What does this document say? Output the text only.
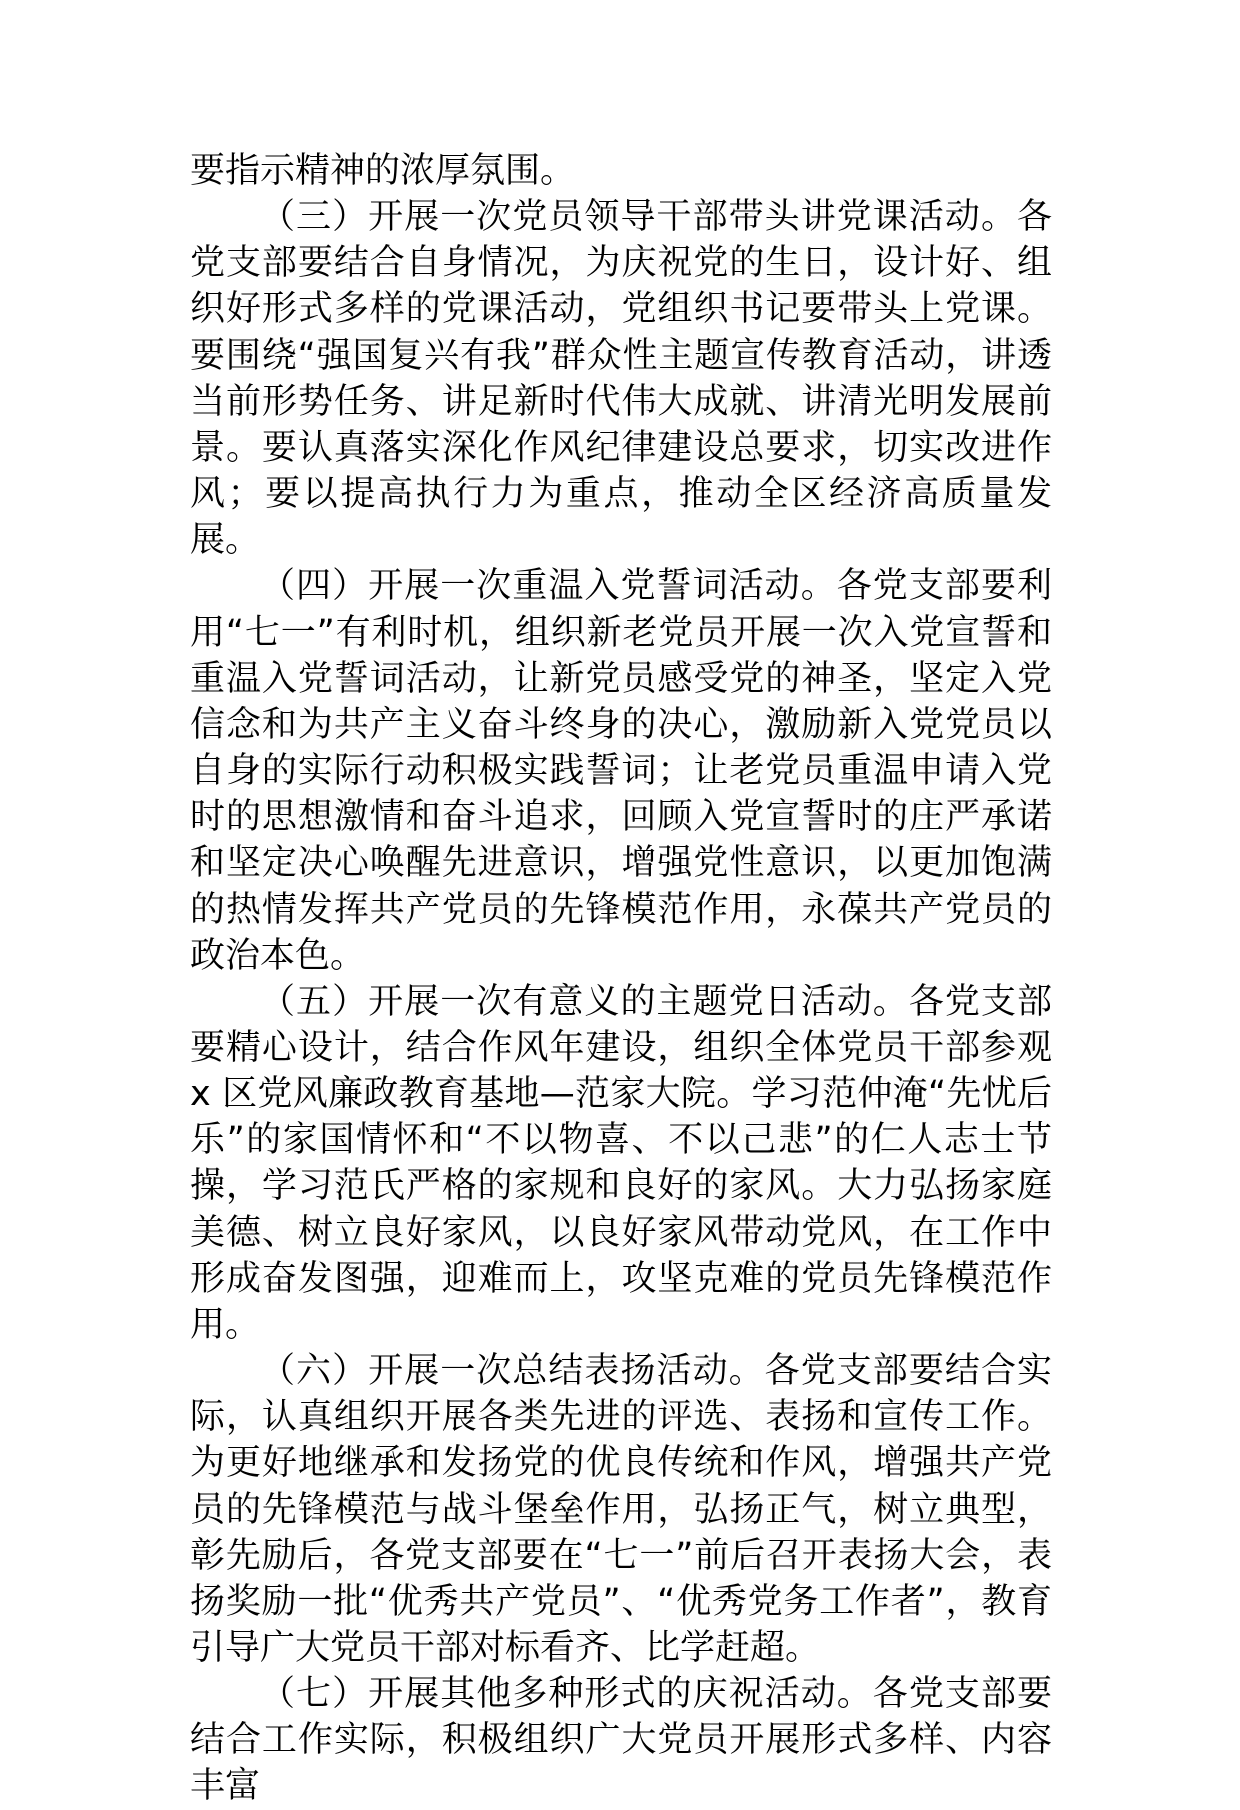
要指示精神的浓厚氛围。

（三）开展一次党员领导干部带头讲党课活动。各党支部要结合自身情况，为庆祝党的生日，设计好、组织好形式多样的党课活动，党组织书记要带头上党课。要围绕“强国复兴有我”群众性主题宣传教育活动，讲透当前形势任务、讲足新时代伟大成就、讲清光明发展前景。要认真落实深化作风纪律建设总要求，切实改进作风；要以提高执行力为重点，推动全区经济高质量发展。

（四）开展一次重温入党誓词活动。各党支部要利用“七一”有利时机，组织新老党员开展一次入党宣誓和重温入党誓词活动，让新党员感受党的神圣，坚定入党信念和为共产主义奋斗终身的决心，激励新入党党员以自身的实际行动积极实践誓词；让老党员重温申请入党时的思想激情和奋斗追求，回顾入党宣誓时的庄严承诺和坚定决心唤醒先进意识，增强党性意识，以更加饱满的热情发挥共产党员的先锋模范作用，永葆共产党员的政治本色。

（五）开展一次有意义的主题党日活动。各党支部要精心设计，结合作风年建设，组织全体党员干部参观 x 区党风廉政教育基地—范家大院。学习范仲淹“先忧后乐”的家国情怀和“不以物喜、不以己悲”的仁人志士节操，学习范氏严格的家规和良好的家风。大力弘扬家庭美德、树立良好家风，以良好家风带动党风，在工作中形成奋发图强，迎难而上，攻坚克难的党员先锋模范作用。

（六）开展一次总结表扬活动。各党支部要结合实际，认真组织开展各类先进的评选、表扬和宣传工作。为更好地继承和发扬党的优良传统和作风，增强共产党员的先锋模范与战斗堡垒作用，弘扬正气，树立典型，彰先励后，各党支部要在“七一”前后召开表扬大会，表扬奖励一批“优秀共产党员”、“优秀党务工作者”，教育引导广大党员干部对标看齐、比学赶超。

（七）开展其他多种形式的庆祝活动。各党支部要结合工作实际，积极组织广大党员开展形式多样、内容丰富
